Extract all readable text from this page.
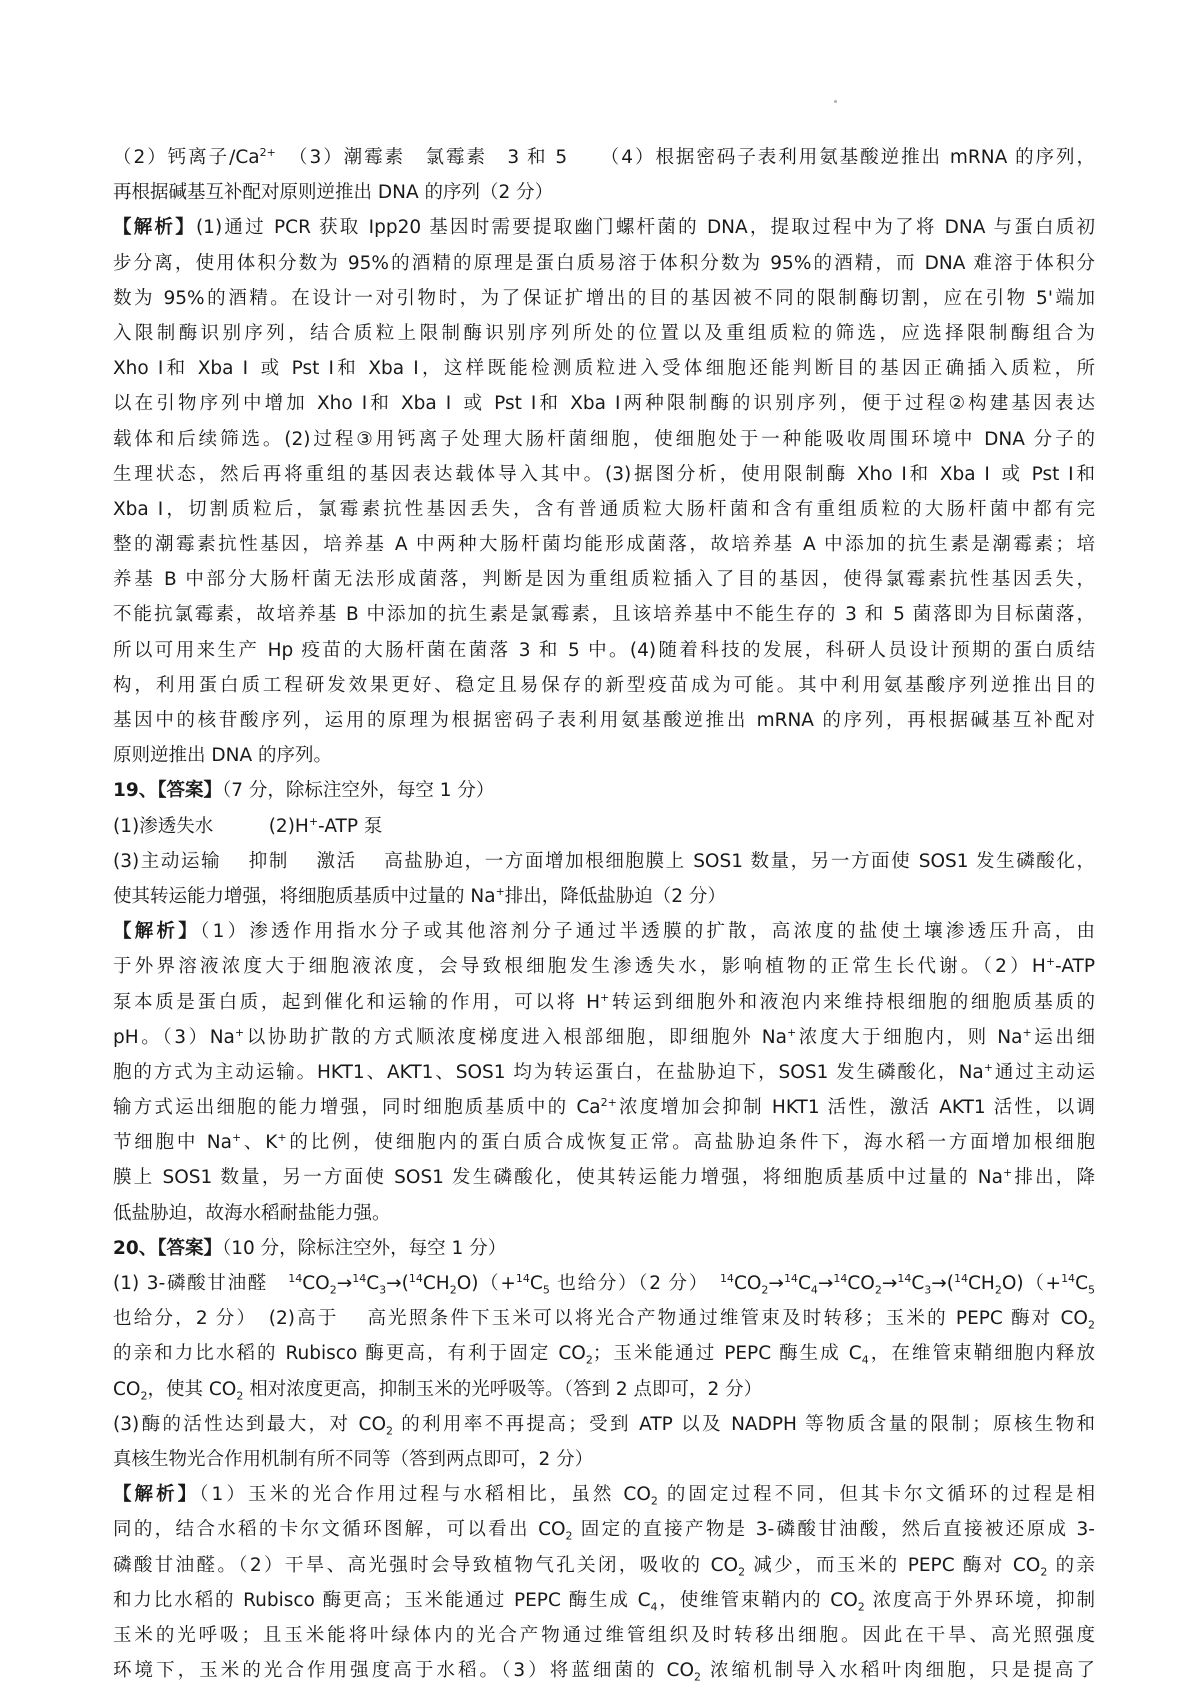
（2）钙离子$/Ca^{2+}$　（3）潮霉素　氯霉素　3 和 5　　（4）根据密码子表利用氨基酸逆推出 mRNA 的序列，
再根据碱基互补配对原则逆推出 DNA 的序列（2 分）
【解析】(1)通过 PCR 获取 Ipp20 基因时需要提取幽门螺杆菌的 DNA，提取过程中为了将 DNA 与蛋白质初
步分离，使用体积分数为 95%的酒精的原理是蛋白质易溶于体积分数为 95%的酒精，而 DNA 难溶于体积分
数为 95%的酒精。在设计一对引物时，为了保证扩增出的目的基因被不同的限制酶切割，应在引物 5'端加
入限制酶识别序列，结合质粒上限制酶识别序列所处的位置以及重组质粒的筛选，应选择限制酶组合为
Xho Ⅰ和 Xba Ⅰ 或 Pst Ⅰ和 Xba Ⅰ，这样既能检测质粒进入受体细胞还能判断目的基因正确插入质粒，所
以在引物序列中增加 Xho Ⅰ和 Xba Ⅰ 或 Pst Ⅰ和 Xba Ⅰ两种限制酶的识别序列，便于过程②构建基因表达
载体和后续筛选。(2)过程③用钙离子处理大肠杆菌细胞，使细胞处于一种能吸收周围环境中 DNA 分子的
生理状态，然后再将重组的基因表达载体导入其中。(3)据图分析，使用限制酶 Xho Ⅰ和 Xba Ⅰ 或 Pst Ⅰ和
Xba Ⅰ，切割质粒后，氯霉素抗性基因丢失，含有普通质粒大肠杆菌和含有重组质粒的大肠杆菌中都有完
整的潮霉素抗性基因，培养基 A 中两种大肠杆菌均能形成菌落，故培养基 A 中添加的抗生素是潮霉素；培
养基 B 中部分大肠杆菌无法形成菌落，判断是因为重组质粒插入了目的基因，使得氯霉素抗性基因丢失，
不能抗氯霉素，故培养基 B 中添加的抗生素是氯霉素，且该培养基中不能生存的 3 和 5 菌落即为目标菌落，
所以可用来生产 Hp 疫苗的大肠杆菌在菌落 3 和 5 中。(4)随着科技的发展，科研人员设计预期的蛋白质结
构，利用蛋白质工程研发效果更好、稳定且易保存的新型疫苗成为可能。其中利用氨基酸序列逆推出目的
基因中的核苷酸序列，运用的原理为根据密码子表利用氨基酸逆推出 mRNA 的序列，再根据碱基互补配对
原则逆推出 DNA 的序列。
19、【答案】（7 分，除标注空外，每空 1 分）
(1)渗透失水　　　(2)H+-ATP 泵
(3)主动运输　 抑制　 激活　 高盐胁迫，一方面增加根细胞膜上 SOS1 数量，另一方面使 SOS1 发生磷酸化，
使其转运能力增强，将细胞质基质中过量的 Na+排出，降低盐胁迫（2 分）
【解析】（1）渗透作用指水分子或其他溶剂分子通过半透膜的扩散，高浓度的盐使土壤渗透压升高，由
于外界溶液浓度大于细胞液浓度，会导致根细胞发生渗透失水，影响植物的正常生长代谢。（2）H+-ATP
泵本质是蛋白质，起到催化和运输的作用，可以将 H+转运到细胞外和液泡内来维持根细胞的细胞质基质的
pH。（3）Na+以协助扩散的方式顺浓度梯度进入根部细胞，即细胞外 Na+浓度大于细胞内，则 Na+运出细
胞的方式为主动运输。HKT1、AKT1、SOS1 均为转运蛋白，在盐胁迫下，SOS1 发生磷酸化，Na+通过主动运
输方式运出细胞的能力增强，同时细胞质基质中的 $Ca^{2+}$浓度增加会抑制 HKT1 活性，激活 AKT1 活性，以调
节细胞中 Na+、K+的比例，使细胞内的蛋白质合成恢复正常。高盐胁迫条件下，海水稻一方面增加根细胞
膜上 SOS1 数量，另一方面使 SOS1 发生磷酸化，使其转运能力增强，将细胞质基质中过量的 Na+排出，降
低盐胁迫，故海水稻耐盐能力强。
20、【答案】（10 分，除标注空外，每空 1 分）
(1) 3-磷酸甘油醛　$^{14}CO_2\to^{14}C_3\to(^{14}CH_2O)(+^{14}C_5$ 也给分）（2 分）　$^{14}CO_2\to^{14}C_4\to^{14}CO_2\to^{14}C_3\to(^{14}CH_2O)(+^{14}C_5$
也给分，2 分）　(2)高于　 高光照条件下玉米可以将光合产物通过维管束及时转移；玉米的 PEPC 酶对 $CO_2$
的亲和力比水稻的 Rubisco 酶更高，有利于固定 $CO_2$；玉米能通过 PEPC 酶生成 $C_4$，在维管束鞘细胞内释放
$CO_2$，使其 $CO_2$ 相对浓度更高，抑制玉米的光呼吸等。（答到 2 点即可，2 分）
(3)酶的活性达到最大，对 $CO_2$ 的利用率不再提高；受到 ATP 以及 NADPH 等物质含量的限制；原核生物和
真核生物光合作用机制有所不同等（答到两点即可，2 分）
【解析】（1）玉米的光合作用过程与水稻相比，虽然 $CO_2$ 的固定过程不同，但其卡尔文循环的过程是相
同的，结合水稻的卡尔文循环图解，可以看出 $CO_2$ 固定的直接产物是 3-磷酸甘油酸，然后直接被还原成 3-
磷酸甘油醛。（2）干旱、高光强时会导致植物气孔关闭，吸收的 $CO_2$ 减少，而玉米的 PEPC 酶对 $CO_2$ 的亲
和力比水稻的 Rubisco 酶更高；玉米能通过 PEPC 酶生成 $C_4$，使维管束鞘内的 $CO_2$ 浓度高于外界环境，抑制
玉米的光呼吸；且玉米能将叶绿体内的光合产物通过维管组织及时转移出细胞。因此在干旱、高光照强度
环境下，玉米的光合作用强度高于水稻。（3）将蓝细菌的 $CO_2$ 浓缩机制导入水稻叶肉细胞，只是提高了
